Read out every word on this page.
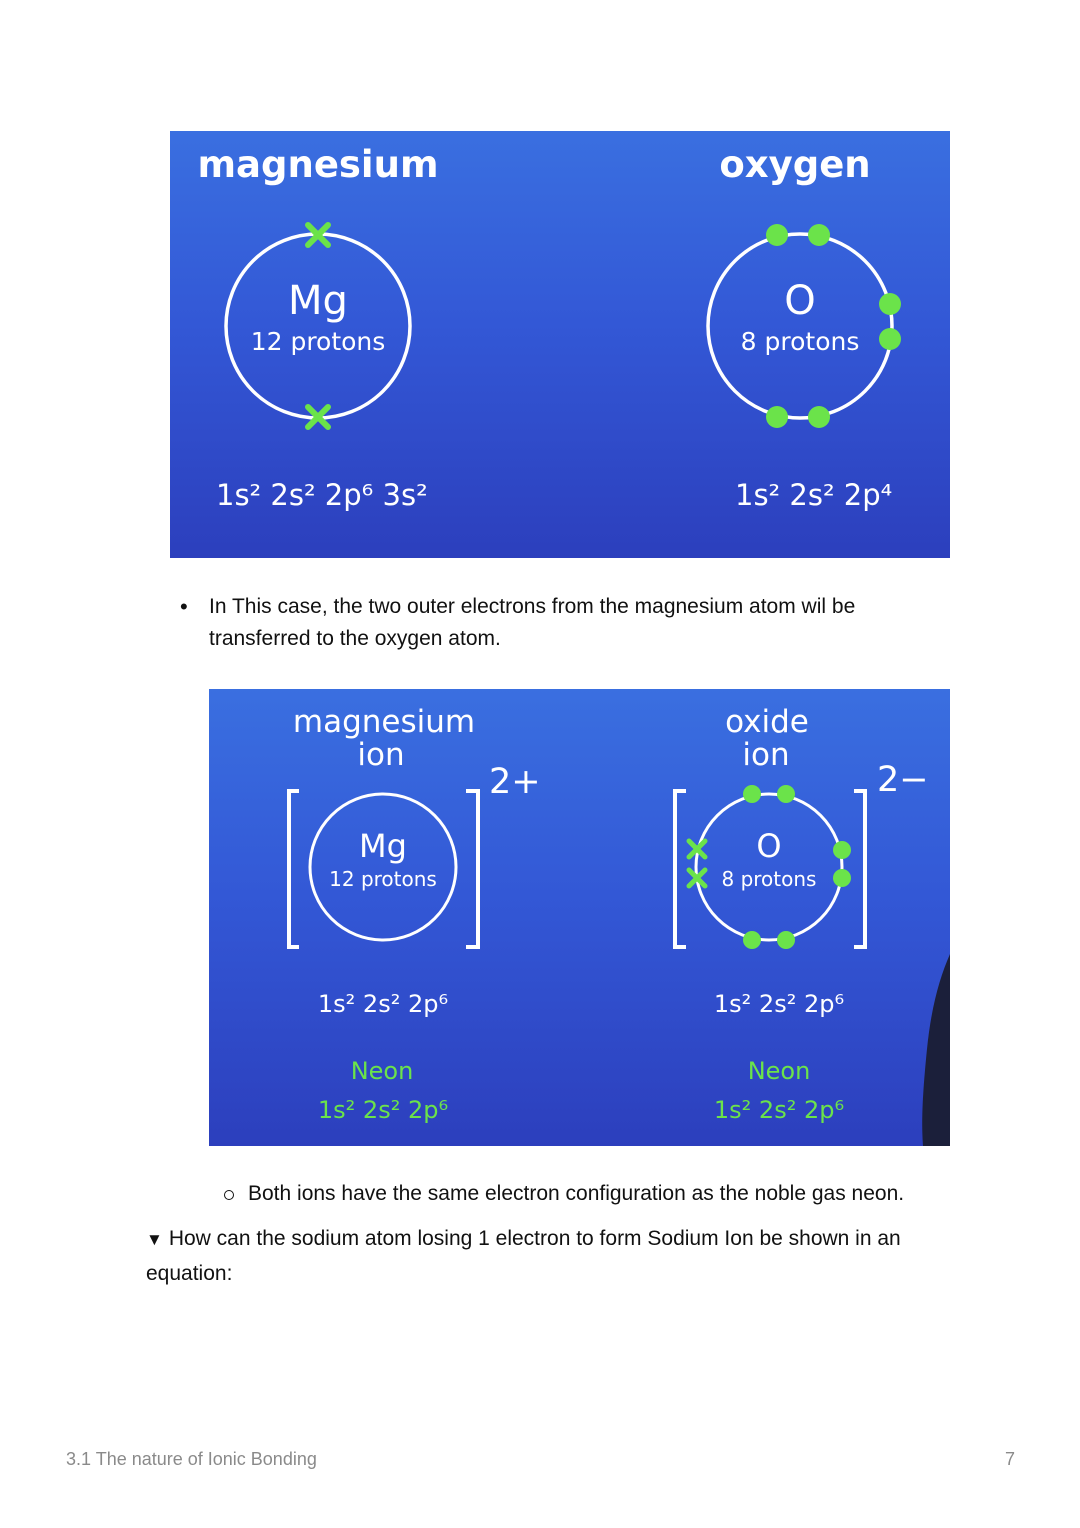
magnesium	oxygen
Mg
12 protons
O
8 protons
1s² 2s² 2p⁶ 3s²	1s² 2s² 2p⁴
• In This case, the two outer electrons from the magnesium atom wil be transferred to the oxygen atom.
magnesium
ion
oxide
ion
2+
Mg
12 protons
2−
O
8 protons
1s² 2s² 2p⁶	1s² 2s² 2p⁶
Neon	Neon
1s² 2s² 2p⁶	1s² 2s² 2p⁶
Both ions have the same electron configuration as the noble gas neon.
▼ How can the sodium atom losing 1 electron to form Sodium Ion be shown in an equation:
3.1 The nature of Ionic Bonding	7
